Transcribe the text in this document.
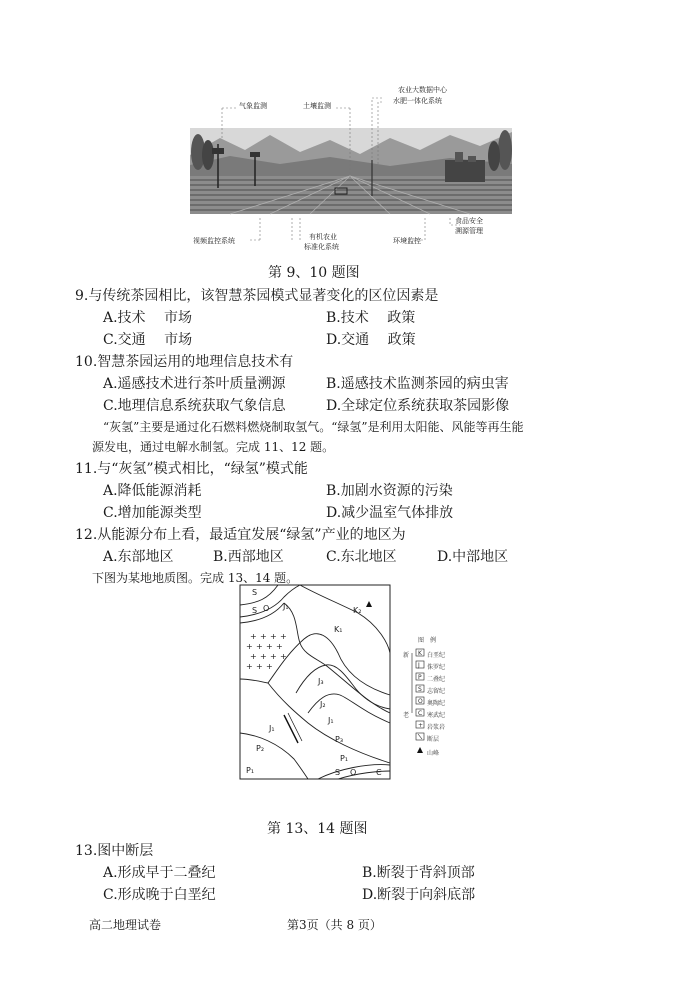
气象监测	土壤监测
农业大数据中心
水肥一体化系统
视频监控系统	有机农业
标准化系统
环境监控
食品安全
溯源管理
第 9、10 题图
9.与传统茶园相比，该智慧茶园模式显著变化的区位因素是
A.技术　 市场	B.技术　 政策
C.交通　 市场	D.交通　 政策
10.智慧茶园运用的地理信息技术有
A.遥感技术进行茶叶质量溯源	B.遥感技术监测茶园的病虫害
C.地理信息系统获取气象信息	D.全球定位系统获取茶园影像
“灰氢”主要是通过化石燃料燃烧制取氢气。“绿氢”是利用太阳能、风能等再生能
源发电，通过电解水制氢。完成 11、12 题。
11.与“灰氢”模式相比，“绿氢”模式能
A.降低能源消耗	B.加剧水资源的污染
C.增加能源类型	D.减少温室气体排放
12.从能源分布上看，最适宜发展“绿氢”产业的地区为
A.东部地区	B.西部地区	C.东北地区	D.中部地区
下图为某地地质图。完成 13、14 题。
+ + + +
+ + + +
+ + + +
+ + +
S
O
S	J₁	K₂
K₁
J₃
J₂
J₁
J₁
P₃
P₂
P₁
P₁	S O Є
图　例
新
老
K
J
P
S
O
C
+
白垩纪
侏罗纪
二叠纪
志留纪
奥陶纪
寒武纪
岩浆岩
断层
山峰
第 13、14 题图
13.图中断层
A.形成早于二叠纪	B.断裂于背斜顶部
C.形成晚于白垩纪	D.断裂于向斜底部
高二地理试卷	第3页（共 8 页）
